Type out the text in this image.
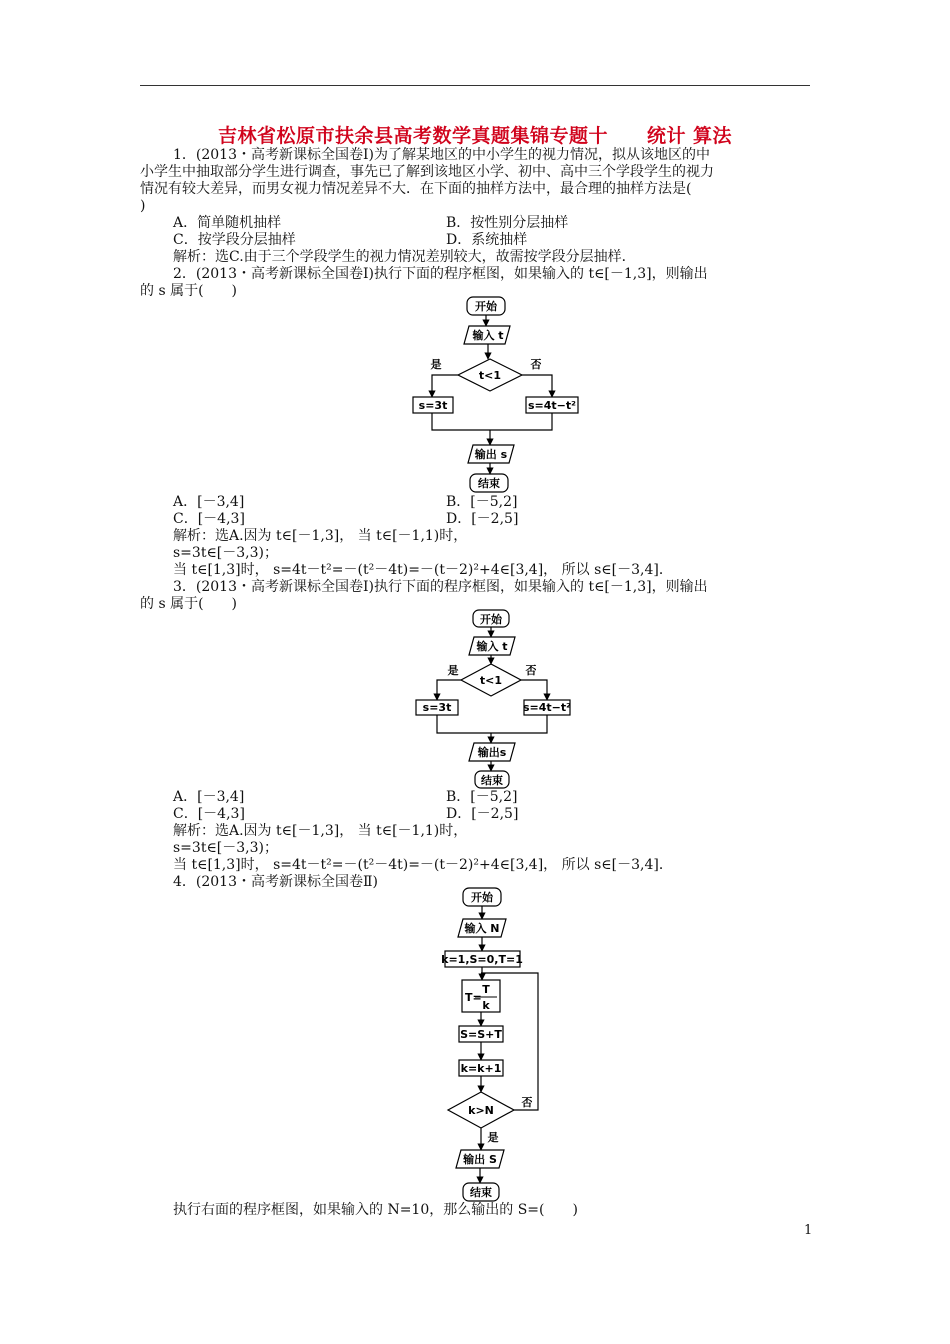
吉林省松原市扶余县高考数学真题集锦专题十　　统计 算法
1．(2013・高考新课标全国卷Ⅰ)为了解某地区的中小学生的视力情况，拟从该地区的中
小学生中抽取部分学生进行调查，事先已了解到该地区小学、初中、高中三个学段学生的视力
情况有较大差异，而男女视力情况差异不大．在下面的抽样方法中，最合理的抽样方法是(
)
A．简单随机抽样	B．按性别分层抽样
C．按学段分层抽样	D．系统抽样
解析：选C.由于三个学段学生的视力情况差别较大，故需按学段分层抽样．
2．(2013・高考新课标全国卷Ⅰ)执行下面的程序框图，如果输入的 t∈[－1,3]，则输出
的 s 属于(　　)
开始
输入 t
t<1
是	否
s=3t	s=4t−t²
输出 s
结束
A．[－3,4]	B．[－5,2]
C．[－4,3]	D．[－2,5]
解析：选A.因为 t∈[－1,3]， 当 t∈[－1,1)时，
s=3t∈[－3,3)；
当 t∈[1,3]时， s=4t－t²=－(t²－4t)=－(t－2)²+4∈[3,4]， 所以 s∈[－3,4]．
3．(2013・高考新课标全国卷Ⅰ)执行下面的程序框图，如果输入的 t∈[－1,3]，则输出
的 s 属于(　　)
开始
输入 t
t<1
是	否
s=3t	s=4t−t²
输出s
结束
A．[－3,4]	B．[－5,2]
C．[－4,3]	D．[－2,5]
解析：选A.因为 t∈[－1,3]， 当 t∈[－1,1)时，
s=3t∈[－3,3)；
当 t∈[1,3]时， s=4t－t²=－(t²－4t)=－(t－2)²+4∈[3,4]， 所以 s∈[－3,4]．
4．(2013・高考新课标全国卷Ⅱ)
开始
输入 N
k=1,S=0,T=1
T=
T
k
S=S+T
k=k+1
k>N
否
是
输出 S
结束
执行右面的程序框图，如果输入的 N=10，那么输出的 S=(　　)
1
